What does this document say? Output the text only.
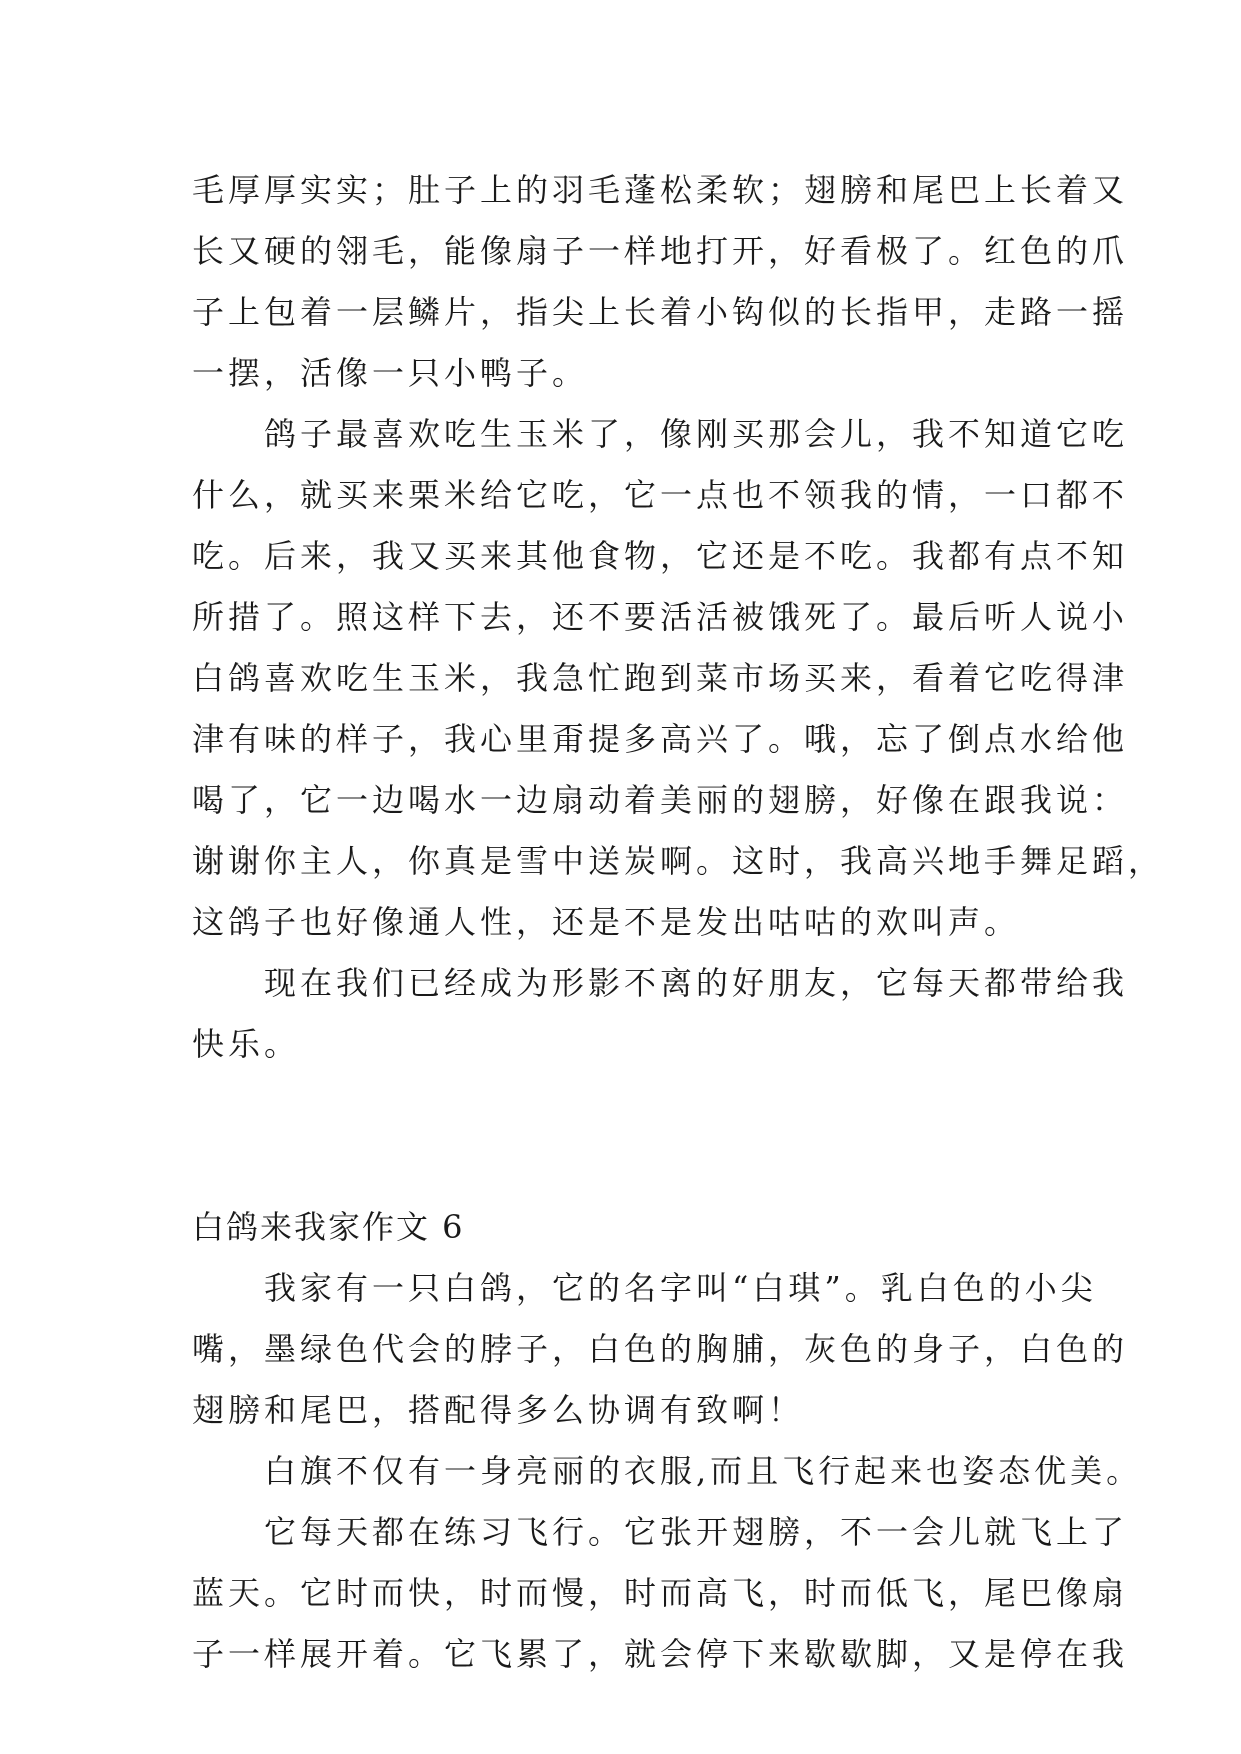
毛厚厚实实；肚子上的羽毛蓬松柔软；翅膀和尾巴上长着又
长又硬的翎毛，能像扇子一样地打开，好看极了。红色的爪
子上包着一层鳞片，指尖上长着小钩似的长指甲，走路一摇
一摆，活像一只小鸭子。
鸽子最喜欢吃生玉米了，像刚买那会儿，我不知道它吃
什么，就买来栗米给它吃，它一点也不领我的情，一口都不
吃。后来，我又买来其他食物，它还是不吃。我都有点不知
所措了。照这样下去，还不要活活被饿死了。最后听人说小
白鸽喜欢吃生玉米，我急忙跑到菜市场买来，看着它吃得津
津有味的样子，我心里甭提多高兴了。哦，忘了倒点水给他
喝了，它一边喝水一边扇动着美丽的翅膀，好像在跟我说：
谢谢你主人，你真是雪中送炭啊。这时，我高兴地手舞足蹈，
这鸽子也好像通人性，还是不是发出咕咕的欢叫声。
现在我们已经成为形影不离的好朋友，它每天都带给我
快乐。
白鸽来我家作文 6
我家有一只白鸽，它的名字叫“白琪”。乳白色的小尖
嘴，墨绿色代会的脖子，白色的胸脯，灰色的身子，白色的
翅膀和尾巴，搭配得多么协调有致啊！
白旗不仅有一身亮丽的衣服,而且飞行起来也姿态优美。
它每天都在练习飞行。它张开翅膀，不一会儿就飞上了
蓝天。它时而快，时而慢，时而高飞，时而低飞，尾巴像扇
子一样展开着。它飞累了，就会停下来歇歇脚，又是停在我
